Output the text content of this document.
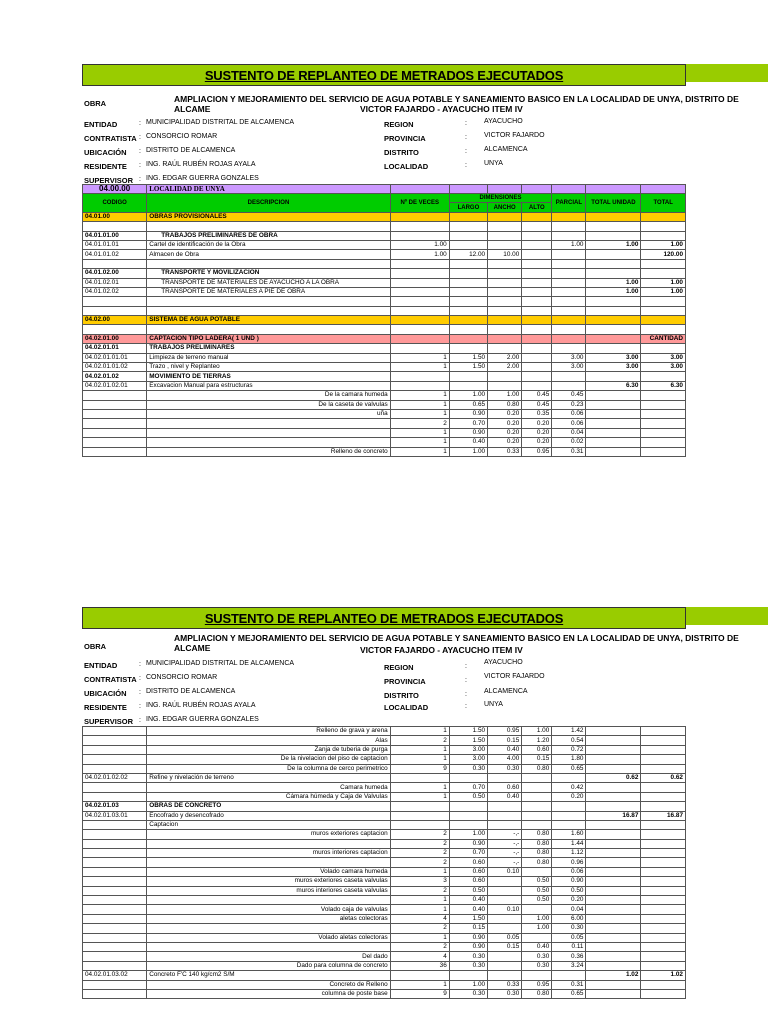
SUSTENTO DE REPLANTEO DE METRADOS EJECUTADOS
OBRA	AMPLIACION Y MEJORAMIENTO DEL SERVICIO DE AGUA POTABLE Y SANEAMIENTO BASICO EN LA LOCALIDAD DE UNYA, DISTRITO DE ALCAME	VICTOR FAJARDO - AYACUCHO ITEM IV
ENTIDAD	: MUNICIPALIDAD DISTRITAL DE ALCAMENCA
CONTRATISTA : CONSORCIO ROMAR
UBICACIÓN : DISTRITO DE ALCAMENCA
RESIDENTE : ING. RAÚL RUBÉN ROJAS AYALA
SUPERVISOR : ING. EDGAR GUERRA GONZALES
REGION	: AYACUCHO
PROVINCIA	: VICTOR FAJARDO
DISTRITO	: ALCAMENCA
LOCALIDAD	: UNYA
04.00.00	LOCALIDAD DE UNYA							
CODIGO	DESCRIPCION	Nº DE VECES	DIMENSIONES			PARCIAL	TOTAL UNIDAD	TOTAL
			LARGO	ANCHO	ALTO			
04.01.00	OBRAS PROVISIONALES							

04.01.01.00	TRABAJOS PRELIMINARES DE OBRA							
04.01.01.01	Cartel de identificación de la Obra	1.00				1.00	1.00	1.00
04.01.01.02	Almacen de Obra	1.00	12.00	10.00				120.00

04.01.02.00	TRANSPORTE Y MOVILIZACION							
04.01.02.01	TRANSPORTE DE MATERIALES DE AYACUCHO A LA OBRA						1.00	1.00
04.01.02.02	TRANSPORTE DE MATERIALES A PIE DE OBRA						1.00	1.00

04.02.00	SISTEMA DE AGUA POTABLE							

04.02.01.00	CAPTACION TIPO LADERA( 1 UND )							CANTIDAD
04.02.01.01	TRABAJOS PRELIMINARES							
04.02.01.01.01	Limpieza de terreno manual	1	1.50	2.00		3.00	3.00	3.00
04.02.01.01.02	Trazo , nivel y Replanteo	1	1.50	2.00		3.00	3.00	3.00
04.02.01.02	MOVIMIENTO DE TIERRAS							
04.02.01.02.01	Excavacion Manual para estructuras						6.30	6.30
	De la camara humeda	1	1.00	1.00	0.45	0.45		
	De la caseta de valvulas	1	0.65	0.80	0.45	0.23		
	uña	1	0.90	0.20	0.35	0.06		
		2	0.70	0.20	0.20	0.06		
		1	0.90	0.20	0.20	0.04		
		1	0.40	0.20	0.20	0.02		
	Relleno de concreto	1	1.00	0.33	0.95	0.31		
SUSTENTO DE REPLANTEO DE METRADOS EJECUTADOS
OBRA
AMPLIACION Y MEJORAMIENTO DEL SERVICIO DE AGUA POTABLE Y SANEAMIENTO BASICO EN LA LOCALIDAD DE UNYA, DISTRITO DE ALCAME	VICTOR FAJARDO - AYACUCHO ITEM IV
ENTIDAD	: MUNICIPALIDAD DISTRITAL DE ALCAMENCA
CONTRATISTA : CONSORCIO ROMAR
UBICACIÓN : DISTRITO DE ALCAMENCA
RESIDENTE : ING. RAÚL RUBÉN ROJAS AYALA
SUPERVISOR : ING. EDGAR GUERRA GONZALES
REGION	:
AYACUCHO
PROVINCIA	:
VICTOR FAJARDO
DISTRITO	: ALCAMENCA
LOCALIDAD	: UNYA
	Relleno de grava y arena	1	1.50	0.95	1.00	1.42		
	Alas	2	1.50	0.15	1.20	0.54		
	Zanja de tuberia de purga	1	3.00	0.40	0.60	0.72		
	De la nivelacion del piso de captacion	1	3.00	4.00	0.15	1.80		
	De la columna de cerco perimetrico	9	0.30	0.30	0.80	0.65		
04.02.01.02.02	Refine y nivelación de terreno						0.62	0.62
	Camara humeda	1	0.70	0.60		0.42		
	Cámara húmeda y Caja de Valvulas	1	0.50	0.40		0.20		
04.02.01.03	OBRAS DE CONCRETO							
04.02.01.03.01	Encofrado y desencofrado						16.87	16.87
	Captacion							
	muros exteriores captacion	2	1.00	-,-	0.80	1.60		
		2	0.90	-,-	0.80	1.44		
	muros interiores captacion	2	0.70	-,-	0.80	1.12		
		2	0.60	-,-	0.80	0.96		
	Volado camara humeda	1	0.60	0.10		0.06		
	muros exteriores caseta valvulas	3	0.60		0.50	0.90		
	muros interiores caseta valvulas	2	0.50		0.50	0.50		
		1	0.40		0.50	0.20		
	Volado caja de valvulas	1	0.40	0.10		0.04		
	aletas colectoras	4	1.50		1.00	6.00		
		2	0.15		1.00	0.30		
	Volado aletas colectoras	1	0.90	0.05		0.05		
		2	0.90	0.15	0.40	0.11		
	Del dado	4	0.30		0.30	0.36		
	Dado para columna de concreto	36	0.30		0.30	3.24		
04.02.01.03.02	Concreto F'C 140 kg/cm2 S/M						1.02	1.02
	Concreto de Relleno	1	1.00	0.33	0.95	0.31		
	columna de poste base	9	0.30	0.30	0.80	0.65		
